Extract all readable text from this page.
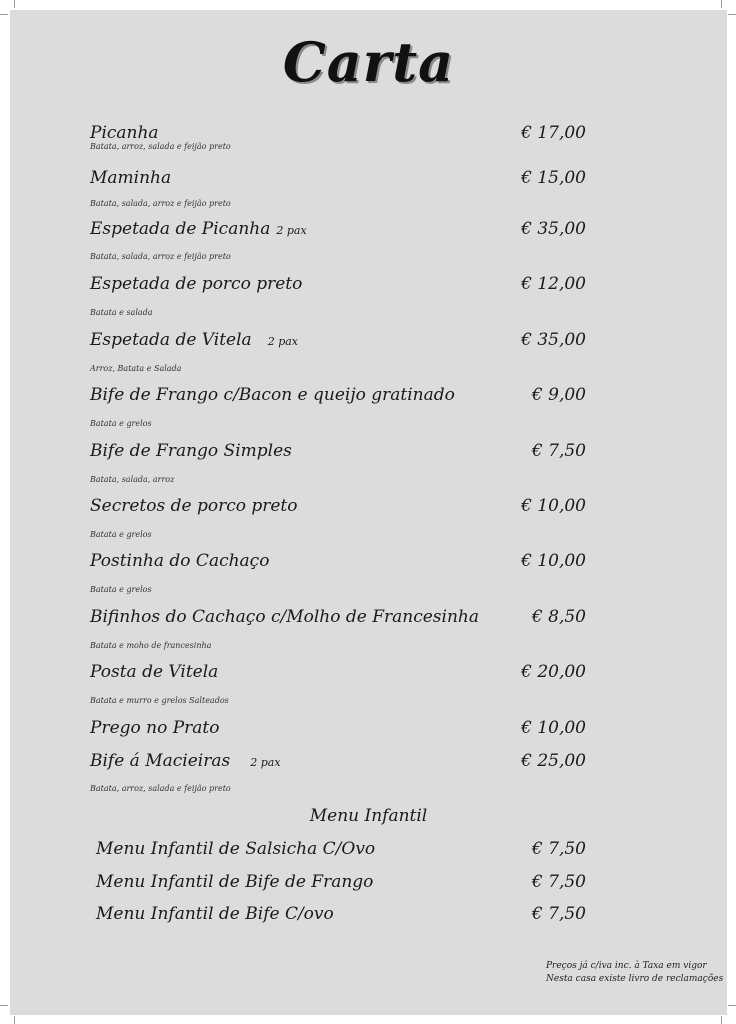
Carta
Picanha	€ 17,00
Batata, arroz, salada e feijão preto
Maminha	€ 15,00
Batata, salada, arroz e feijão preto
Espetada de Picanha 2 pax	€ 35,00
Batata, salada, arroz e feijão preto
Espetada de porco preto	€ 12,00
Batata e salada
Espetada de Vitela 2 pax	€ 35,00
Arroz, Batata e Salada
Bife de Frango c/Bacon e queijo gratinado	€ 9,00
Batata e grelos
Bife de Frango Simples	€ 7,50
Batata, salada, arroz
Secretos de porco preto	€ 10,00
Batata e grelos
Postinha do Cachaço	€ 10,00
Batata e grelos
Bifinhos do Cachaço c/Molho de Francesinha	€ 8,50
Batata e moho de francesinha
Posta de Vitela	€ 20,00
Batata e murro e grelos Salteados
Prego no Prato	€ 10,00
Bife á Macieiras 2 pax	€ 25,00
Batata, arroz, salada e feijão preto
Menu Infantil
Menu Infantil de Salsicha C/Ovo	€ 7,50
Menu Infantil de Bife de Frango	€ 7,50
Menu Infantil de Bife C/ovo	€ 7,50
Preços já c/iva inc. à Taxa em vigor
Nesta casa existe livro de reclamações
